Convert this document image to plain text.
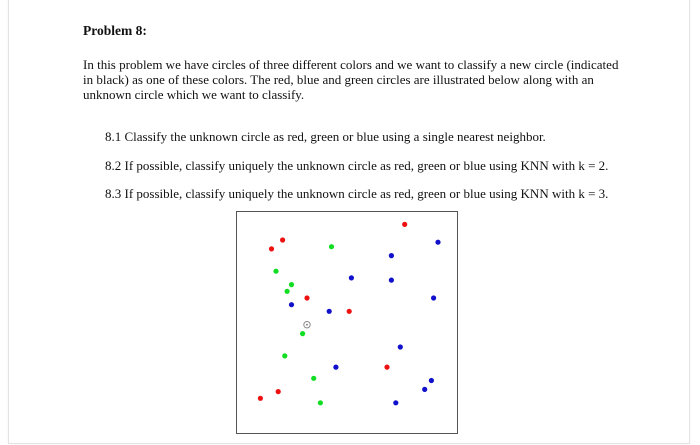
Problem 8:

In this problem we have circles of three different colors and we want to classify a new circle (indicated in black) as one of these colors. The red, blue and green circles are illustrated below along with an unknown circle which we want to classify.

8.1 Classify the unknown circle as red, green or blue using a single nearest neighbor.

8.2 If possible, classify uniquely the unknown circle as red, green or blue using KNN with k = 2.

8.3 If possible, classify uniquely the unknown circle as red, green or blue using KNN with k = 3.
